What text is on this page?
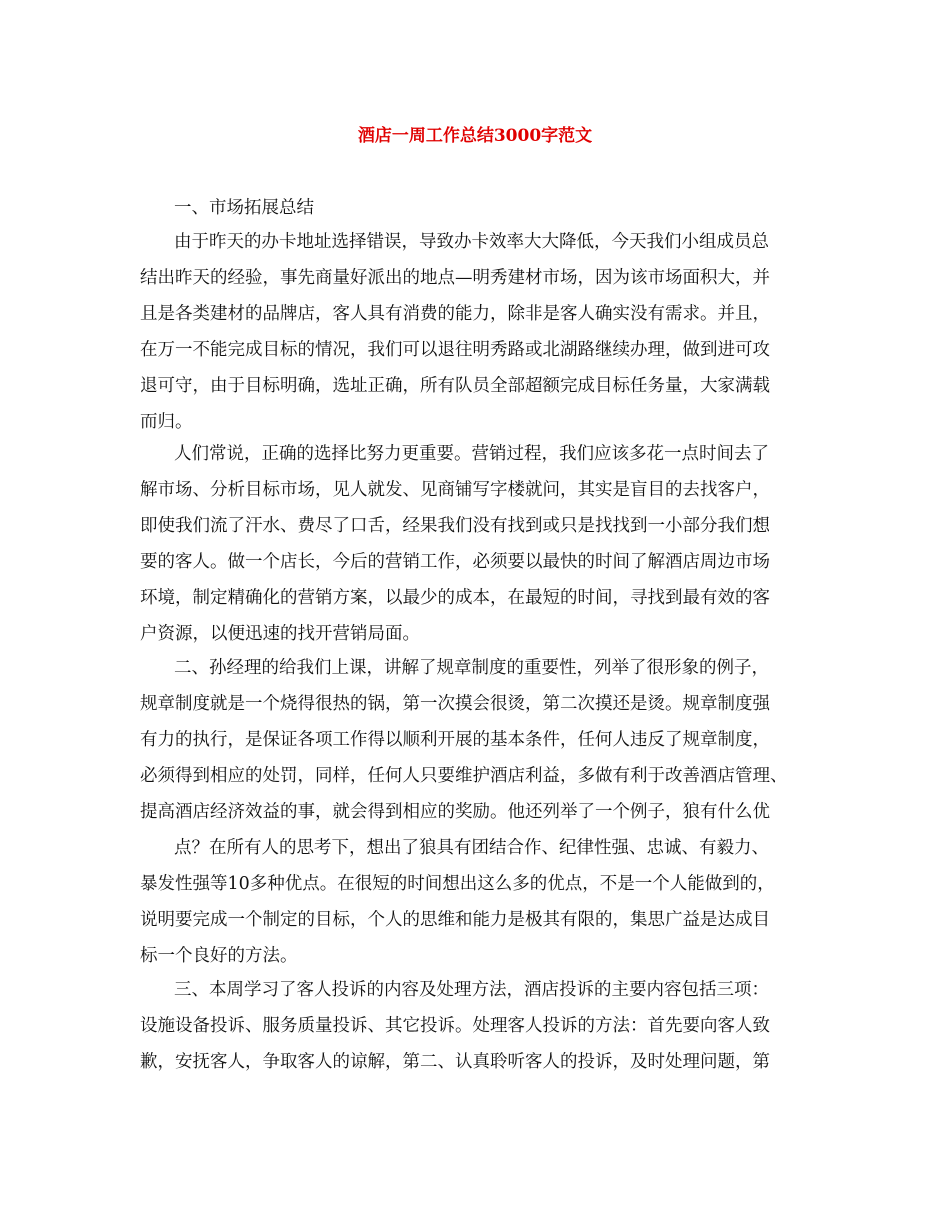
酒店一周工作总结3000字范文

一、市场拓展总结

由于昨天的办卡地址选择错误，导致办卡效率大大降低，今天我们小组成员总

结出昨天的经验，事先商量好派出的地点—明秀建材市场，因为该市场面积大，并

且是各类建材的品牌店，客人具有消费的能力，除非是客人确实没有需求。并且，

在万一不能完成目标的情况，我们可以退往明秀路或北湖路继续办理，做到进可攻

退可守，由于目标明确，选址正确，所有队员全部超额完成目标任务量，大家满载

而归。

人们常说，正确的选择比努力更重要。营销过程，我们应该多花一点时间去了

解市场、分析目标市场，见人就发、见商铺写字楼就问，其实是盲目的去找客户，

即使我们流了汗水、费尽了口舌，经果我们没有找到或只是找找到一小部分我们想

要的客人。做一个店长，今后的营销工作，必须要以最快的时间了解酒店周边市场

环境，制定精确化的营销方案，以最少的成本，在最短的时间，寻找到最有效的客

户资源，以便迅速的找开营销局面。

二、孙经理的给我们上课，讲解了规章制度的重要性，列举了很形象的例子，

规章制度就是一个烧得很热的锅，第一次摸会很烫，第二次摸还是烫。规章制度强

有力的执行，是保证各项工作得以顺利开展的基本条件，任何人违反了规章制度，

必须得到相应的处罚，同样，任何人只要维护酒店利益，多做有利于改善酒店管理、

提高酒店经济效益的事，就会得到相应的奖励。他还列举了一个例子，狼有什么优

点？在所有人的思考下，想出了狼具有团结合作、纪律性强、忠诚、有毅力、

暴发性强等10多种优点。在很短的时间想出这么多的优点，不是一个人能做到的，

说明要完成一个制定的目标，个人的思维和能力是极其有限的，集思广益是达成目

标一个良好的方法。

三、本周学习了客人投诉的内容及处理方法，酒店投诉的主要内容包括三项：

设施设备投诉、服务质量投诉、其它投诉。处理客人投诉的方法：首先要向客人致

歉，安抚客人，争取客人的谅解，第二、认真聆听客人的投诉，及时处理问题，第
